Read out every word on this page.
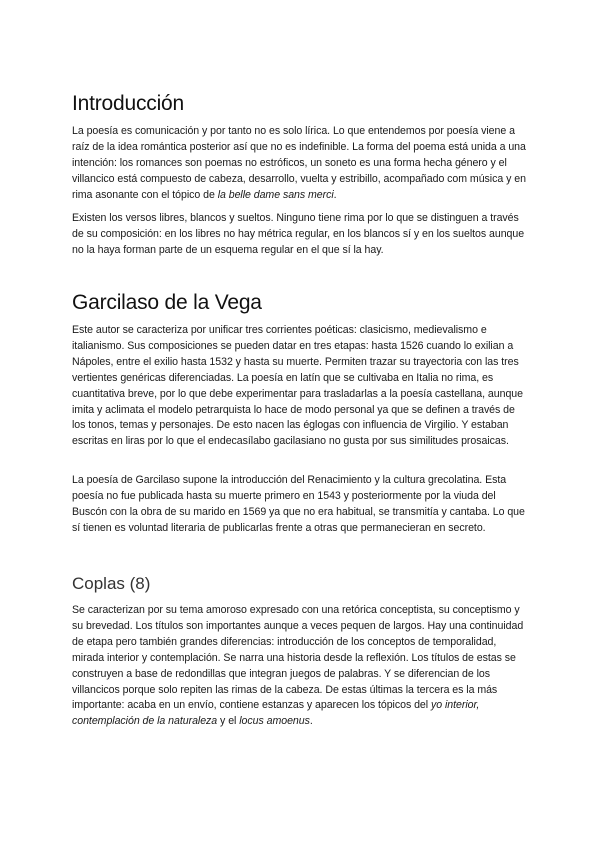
Introducción

La poesía es comunicación y por tanto no es solo lírica. Lo que entendemos por poesía viene a raíz de la idea romántica posterior así que no es indefinible. La forma del poema está unida a una intención: los romances son poemas no estróficos, un soneto es una forma hecha género y el villancico está compuesto de cabeza, desarrollo, vuelta y estribillo, acompañado com música y en rima asonante con el tópico de la belle dame sans merci.

Existen los versos libres, blancos y sueltos. Ninguno tiene rima por lo que se distinguen a través de su composición: en los libres no hay métrica regular, en los blancos sí y en los sueltos aunque no la haya forman parte de un esquema regular en el que sí la hay.

Garcilaso de la Vega

Este autor se caracteriza por unificar tres corrientes poéticas: clasicismo, medievalismo e italianismo. Sus composiciones se pueden datar en tres etapas: hasta 1526 cuando lo exilian a Nápoles, entre el exilio hasta 1532 y hasta su muerte. Permiten trazar su trayectoria con las tres vertientes genéricas diferenciadas. La poesía en latín que se cultivaba en Italia no rima, es cuantitativa breve, por lo que debe experimentar para trasladarlas a la poesía castellana, aunque imita y aclimata el modelo petrarquista lo hace de modo personal ya que se definen a través de los tonos, temas y personajes. De esto nacen las églogas con influencia de Virgilio. Y estaban escritas en liras por lo que el endecasílabo gacilasiano no gusta por sus similitudes prosaicas.

La poesía de Garcilaso supone la introducción del Renacimiento y la cultura grecolatina. Esta poesía no fue publicada hasta su muerte primero en 1543 y posteriormente por la viuda del Buscón con la obra de su marido en 1569 ya que no era habitual, se transmitía y cantaba. Lo que sí tienen es voluntad literaria de publicarlas frente a otras que permanecieran en secreto.

Coplas (8)

Se caracterizan por su tema amoroso expresado con una retórica conceptista, su conceptismo y su brevedad. Los títulos son importantes aunque a veces pequen de largos. Hay una continuidad de etapa pero también grandes diferencias: introducción de los conceptos de temporalidad, mirada interior y contemplación. Se narra una historia desde la reflexión. Los títulos de estas se construyen a base de redondillas que integran juegos de palabras. Y se diferencian de los villancicos porque solo repiten las rimas de la cabeza. De estas últimas la tercera es la más importante: acaba en un envío, contiene estanzas y aparecen los tópicos del yo interior, contemplación de la naturaleza y el locus amoenus.
